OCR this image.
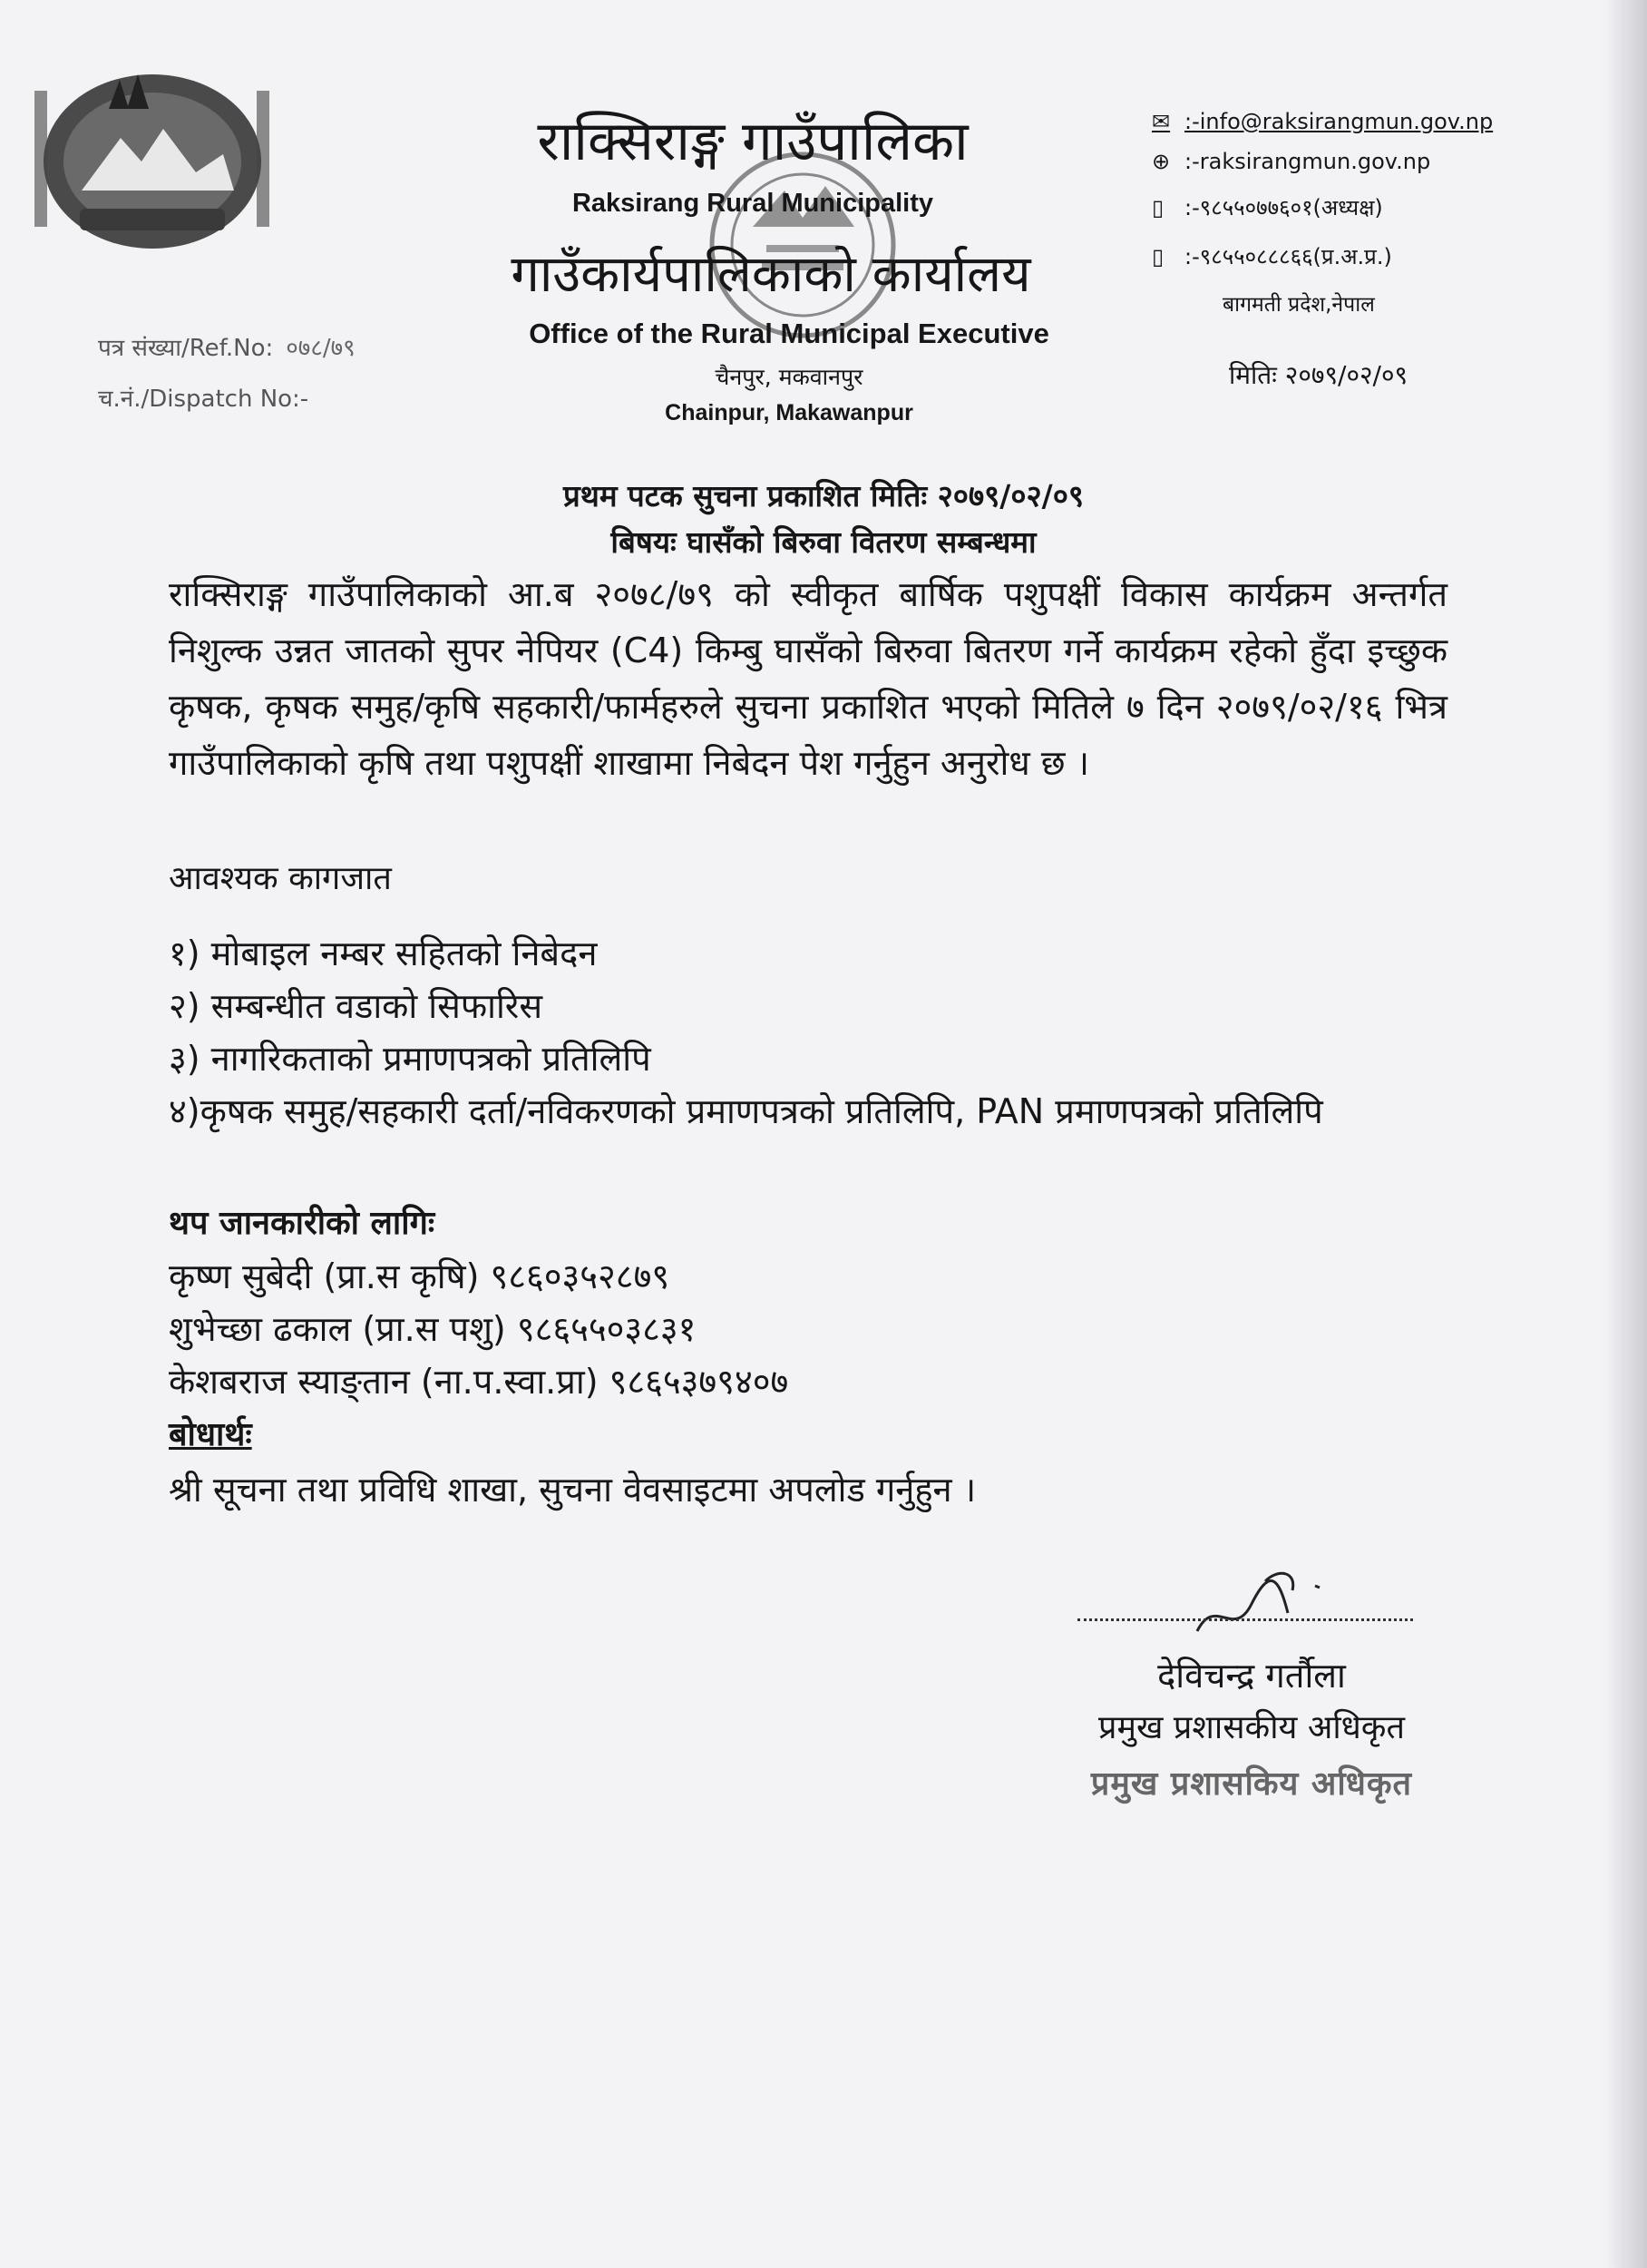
राक्सिराङ्ग गाउँपालिका
Raksirang Rural Municipality
गाउँकार्यपालिकाको कार्यालय
Office of the Rural Municipal Executive
चैनपुर, मकवानपुर
Chainpur, Makawanpur
✉ :-info@raksirangmun.gov.np
⊕ :-raksirangmun.gov.np
▯ :-९८५५०७७६०१(अध्यक्ष)
▯ :-९८५५०८८८६६(प्र.अ.प्र.)
बागमती प्रदेश,नेपाल
मितिः २०७९/०२/०९
पत्र संख्या/Ref.No: ०७८/७९
च.नं./Dispatch No:-
प्रथम पटक सुचना प्रकाशित मितिः २०७९/०२/०९
बिषयः घासँको बिरुवा वितरण सम्बन्धमा
राक्सिराङ्ग गाउँपालिकाको आ.ब २०७८/७९ को स्वीकृत बार्षिक पशुपक्षीं विकास कार्यक्रम अन्तर्गत निशुल्क उन्नत जातको सुपर नेपियर (C4) किम्बु घासँको बिरुवा बितरण गर्ने कार्यक्रम रहेको हुँदा इच्छुक कृषक, कृषक समुह/कृषि सहकारी/फार्महरुले सुचना प्रकाशित भएको मितिले ७ दिन २०७९/०२/१६ भित्र गाउँपालिकाको कृषि तथा पशुपक्षीं शाखामा निबेदन पेश गर्नुहुन अनुरोध छ ।
आवश्यक कागजात
१) मोबाइल नम्बर सहितको निबेदन
२) सम्बन्धीत वडाको सिफारिस
३) नागरिकताको प्रमाणपत्रको प्रतिलिपि
४)कृषक समुह/सहकारी दर्ता/नविकरणको प्रमाणपत्रको प्रतिलिपि, PAN प्रमाणपत्रको प्रतिलिपि
थप जानकारीको लागिः
कृष्ण सुबेदी (प्रा.स कृषि) ९८६०३५२८७९
शुभेच्छा ढकाल (प्रा.स पशु) ९८६५५०३८३१
केशबराज स्याङ्तान (ना.प.स्वा.प्रा) ९८६५३७९४०७
बोधार्थः
श्री सूचना तथा प्रविधि शाखा, सुचना वेवसाइटमा अपलोड गर्नुहुन ।
देविचन्द्र गर्तौला
प्रमुख प्रशासकीय अधिकृत
प्रमुख प्रशासकिय अधिकृत
